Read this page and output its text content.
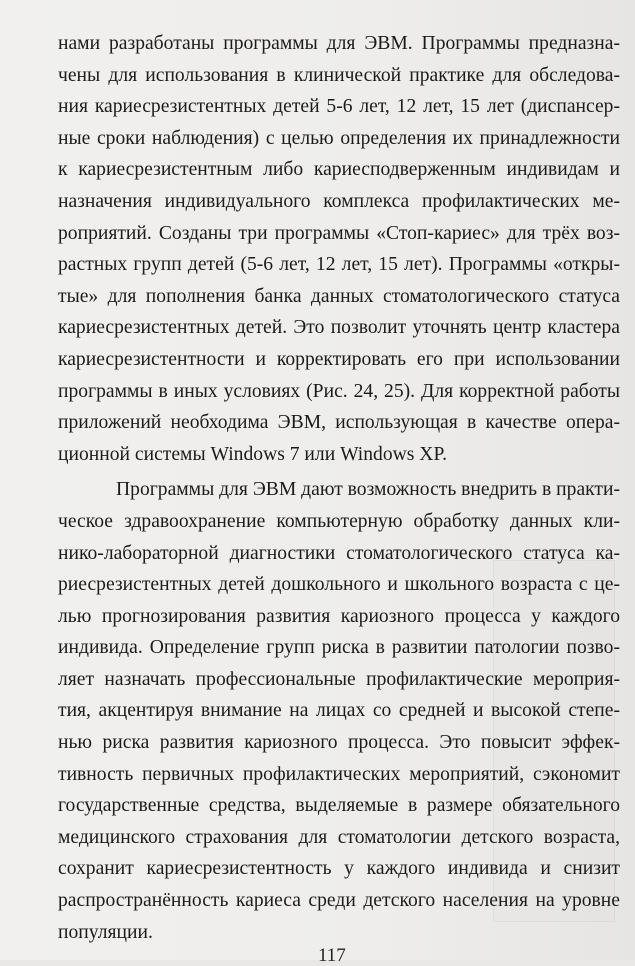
нами разработаны программы для ЭВМ. Программы предназна-
чены для использования в клинической практике для обследова-
ния кариесрезистентных детей 5-6 лет, 12 лет, 15 лет (диспансер-
ные сроки наблюдения) с целью определения их принадлежности
к кариесрезистентным либо кариесподверженным индивидам и
назначения индивидуального комплекса профилактических ме-
роприятий. Созданы три программы «Стоп-кариес» для трёх воз-
растных групп детей (5-6 лет, 12 лет, 15 лет). Программы «откры-
тые» для пополнения банка данных стоматологического статуса
кариесрезистентных детей. Это позволит уточнять центр кластера
кариесрезистентности и корректировать его при использовании
программы в иных условиях (Рис. 24, 25). Для корректной работы
приложений необходима ЭВМ, использующая в качестве опера-
ционной системы Windows 7 или Windows XP.
Программы для ЭВМ дают возможность внедрить в практи-
ческое здравоохранение компьютерную обработку данных кли-
нико-лабораторной диагностики стоматологического статуса ка-
риесрезистентных детей дошкольного и школьного возраста с це-
лью прогнозирования развития кариозного процесса у каждого
индивида. Определение групп риска в развитии патологии позво-
ляет назначать профессиональные профилактические мероприя-
тия, акцентируя внимание на лицах со средней и высокой степе-
нью риска развития кариозного процесса. Это повысит эффек-
тивность первичных профилактических мероприятий, сэкономит
государственные средства, выделяемые в размере обязательного
медицинского страхования для стоматологии детского возраста,
сохранит кариесрезистентность у каждого индивида и снизит
распространённость кариеса среди детского населения на уровне
популяции.
117
